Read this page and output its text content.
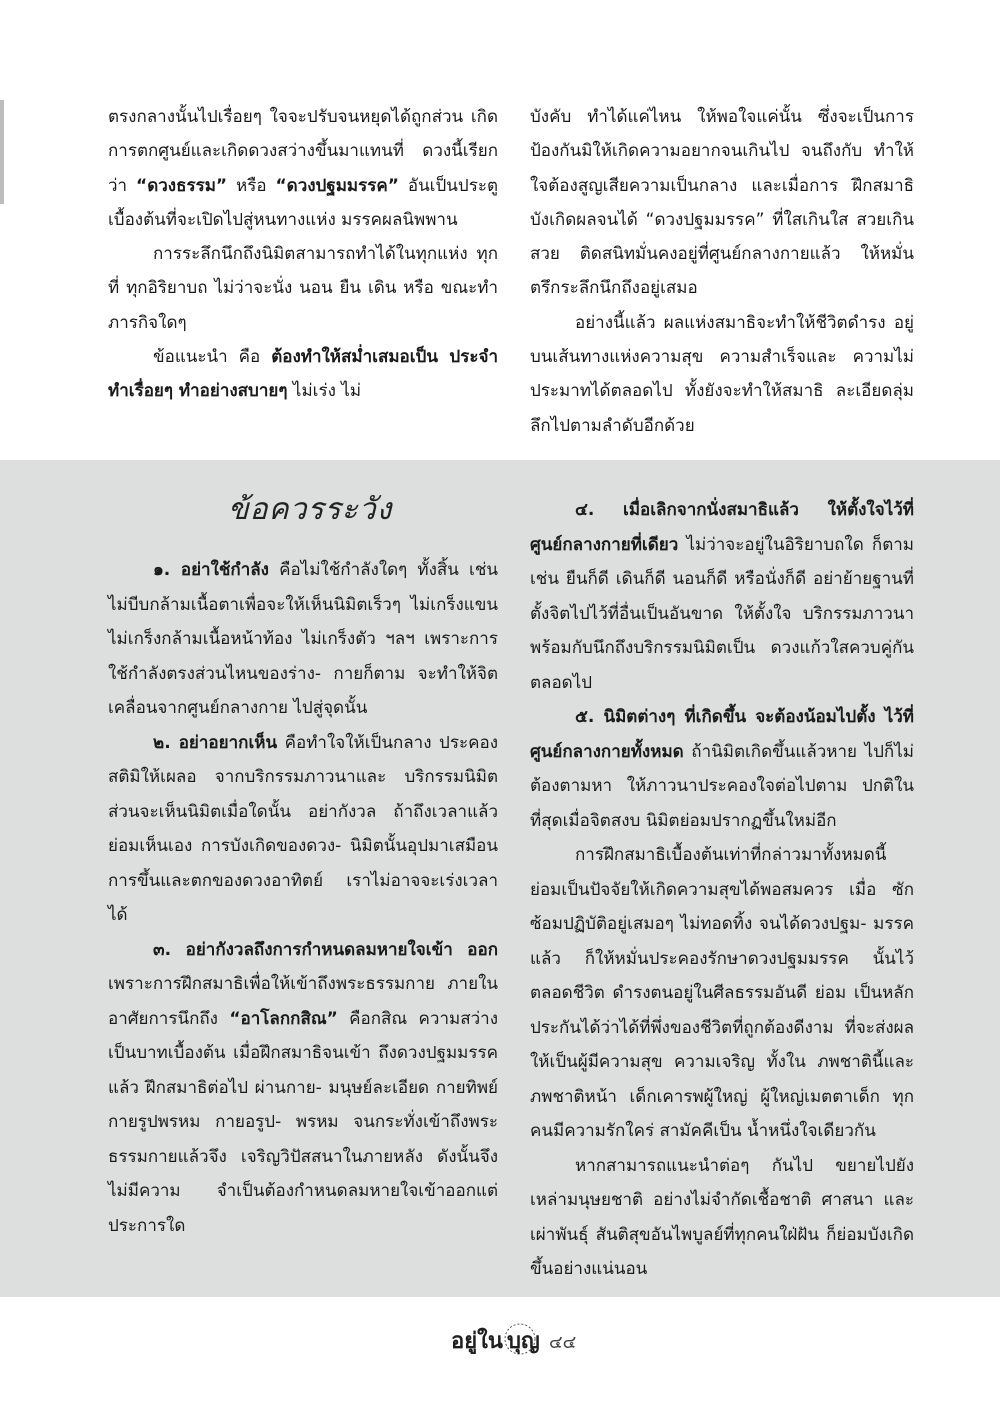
ตรงกลางนั้นไปเรื่อยๆ ใจจะปรับจนหยุดได้ถูกส่วน เกิดการตกศูนย์และเกิดดวงสว่างขึ้นมาแทนที่ ดวงนี้เรียกว่า “ดวงธรรม” หรือ “ดวงปฐมมรรค” อันเป็นประตูเบื้องต้นที่จะเปิดไปสู่หนทางแห่ง มรรคผลนิพพาน

การระลึกนึกถึงนิมิตสามารถทำได้ในทุกแห่ง ทุกที่ ทุกอิริยาบถ ไม่ว่าจะนั่ง นอน ยืน เดิน หรือ ขณะทำภารกิจใดๆ

ข้อแนะนำ คือ ต้องทำให้สม่ำเสมอเป็น ประจำ ทำเรื่อยๆ ทำอย่างสบายๆ ไม่เร่ง ไม่

บังคับ ทำได้แค่ไหน ให้พอใจแค่นั้น ซึ่งจะเป็นการ ป้องกันมิให้เกิดความอยากจนเกินไป จนถึงกับ ทำให้ใจต้องสูญเสียความเป็นกลาง และเมื่อการ ฝึกสมาธิบังเกิดผลจนได้ “ดวงปฐมมรรค” ที่ใสเกินใส สวยเกินสวย ติดสนิทมั่นคงอยู่ที่ศูนย์กลางกายแล้ว ให้หมั่นตรึกระลึกนึกถึงอยู่เสมอ

อย่างนี้แล้ว ผลแห่งสมาธิจะทำให้ชีวิตดำรง อยู่บนเส้นทางแห่งความสุข ความสำเร็จและ ความไม่ประมาทได้ตลอดไป ทั้งยังจะทำให้สมาธิ ละเอียดลุ่มลึกไปตามลำดับอีกด้วย

ข้อควรระวัง

๑. อย่าใช้กำลัง คือไม่ใช้กำลังใดๆ ทั้งสิ้น เช่น ไม่บีบกล้ามเนื้อตาเพื่อจะให้เห็นนิมิตเร็วๆ ไม่เกร็งแขน ไม่เกร็งกล้ามเนื้อหน้าท้อง ไม่เกร็งตัว ฯลฯ เพราะการใช้กำลังตรงส่วนไหนของร่าง- กายก็ตาม จะทำให้จิตเคลื่อนจากศูนย์กลางกาย ไปสู่จุดนั้น

๒. อย่าอยากเห็น คือทำใจให้เป็นกลาง ประคองสติมิให้เผลอ จากบริกรรมภาวนาและ บริกรรมนิมิต ส่วนจะเห็นนิมิตเมื่อใดนั้น อย่ากังวล ถ้าถึงเวลาแล้วย่อมเห็นเอง การบังเกิดของดวง- นิมิตนั้นอุปมาเสมือนการขึ้นและตกของดวงอาทิตย์ เราไม่อาจจะเร่งเวลาได้

๓. อย่ากังวลถึงการกำหนดลมหายใจเข้า ออก เพราะการฝึกสมาธิเพื่อให้เข้าถึงพระธรรมกาย ภายใน อาศัยการนึกถึง “อาโลกกสิณ” คือกสิณ ความสว่างเป็นบาทเบื้องต้น เมื่อฝึกสมาธิจนเข้า ถึงดวงปฐมมรรคแล้ว ฝึกสมาธิต่อไป ผ่านกาย- มนุษย์ละเอียด กายทิพย์ กายรูปพรหม กายอรูป- พรหม จนกระทั่งเข้าถึงพระธรรมกายแล้วจึง เจริญวิปัสสนาในภายหลัง ดังนั้นจึงไม่มีความ จำเป็นต้องกำหนดลมหายใจเข้าออกแต่ประการใด

๔. เมื่อเลิกจากนั่งสมาธิแล้ว ให้ตั้งใจไว้ที่ ศูนย์กลางกายที่เดียว ไม่ว่าจะอยู่ในอิริยาบถใด ก็ตาม เช่น ยืนก็ดี เดินก็ดี นอนก็ดี หรือนั่งก็ดี อย่าย้ายฐานที่ตั้งจิตไปไว้ที่อื่นเป็นอันขาด ให้ตั้งใจ บริกรรมภาวนา พร้อมกับนึกถึงบริกรรมนิมิตเป็น ดวงแก้วใสควบคู่กันตลอดไป

๕. นิมิตต่างๆ ที่เกิดขึ้น จะต้องน้อมไปตั้ง ไว้ที่ศูนย์กลางกายทั้งหมด ถ้านิมิตเกิดขึ้นแล้วหาย ไปก็ไม่ต้องตามหา ให้ภาวนาประคองใจต่อไปตาม ปกติในที่สุดเมื่อจิตสงบ นิมิตย่อมปรากฏขึ้นใหม่อีก

การฝึกสมาธิเบื้องต้นเท่าที่กล่าวมาทั้งหมดนี้ ย่อมเป็นปัจจัยให้เกิดความสุขได้พอสมควร เมื่อ ซักซ้อมปฏิบัติอยู่เสมอๆ ไม่ทอดทิ้ง จนได้ดวงปฐม- มรรคแล้ว ก็ให้หมั่นประคองรักษาดวงปฐมมรรค นั้นไว้ตลอดชีวิต ดำรงตนอยู่ในศีลธรรมอันดี ย่อม เป็นหลักประกันได้ว่าได้ที่พึ่งของชีวิตที่ถูกต้องดีงาม ที่จะส่งผลให้เป็นผู้มีความสุข ความเจริญ ทั้งใน ภพชาตินี้และภพชาติหน้า เด็กเคารพผู้ใหญ่ ผู้ใหญ่เมตตาเด็ก ทุกคนมีความรักใคร่ สามัคคีเป็น น้ำหนึ่งใจเดียวกัน

หากสามารถแนะนำต่อๆ กันไป ขยายไปยัง เหล่ามนุษยชาติ อย่างไม่จำกัดเชื้อชาติ ศาสนา และเผ่าพันธุ์ สันติสุขอันไพบูลย์ที่ทุกคนใฝ่ฝัน ก็ย่อมบังเกิดขึ้นอย่างแน่นอน

อยู่ใน บุญ ๔๔
